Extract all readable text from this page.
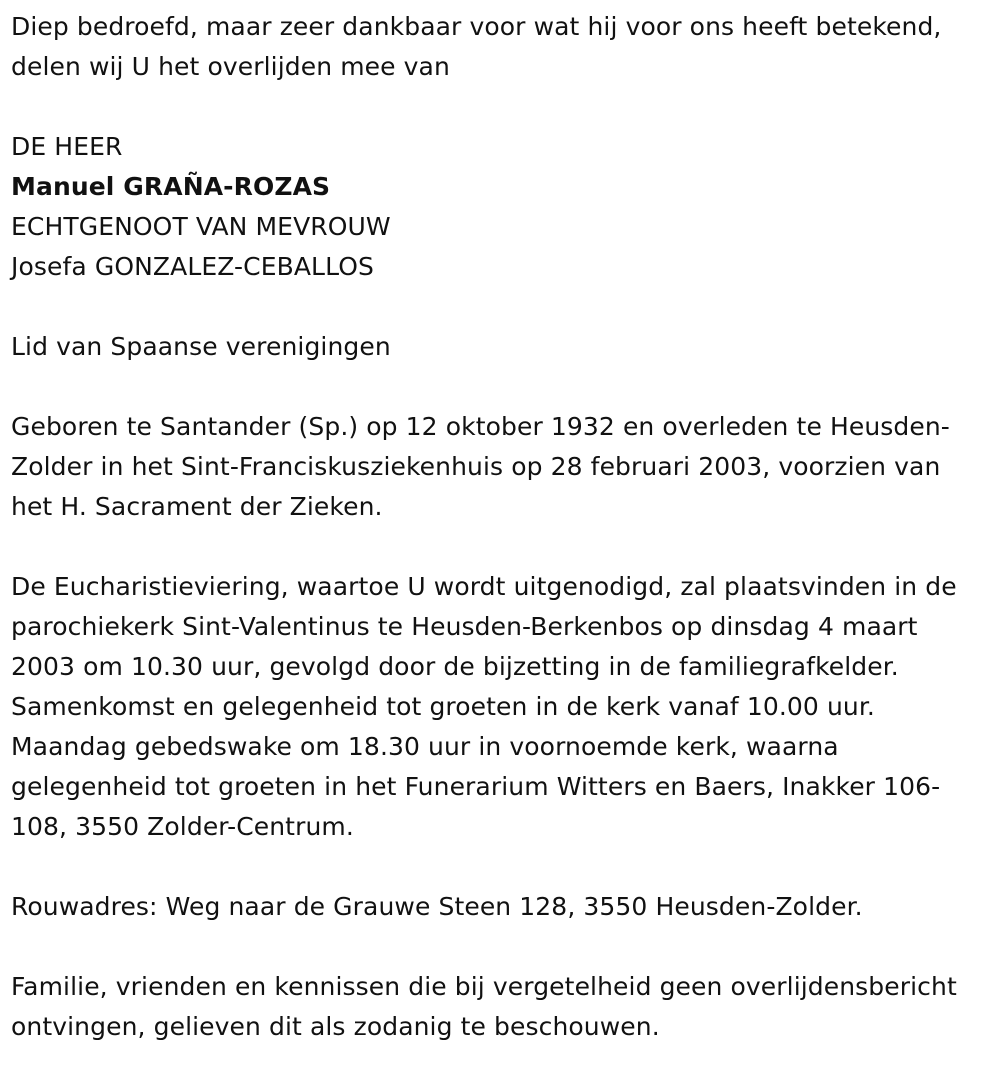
Diep bedroefd, maar zeer dankbaar voor wat hij voor ons heeft betekend, delen wij U het overlijden mee van

DE HEER

Manuel GRAÑA-ROZAS

ECHTGENOOT VAN MEVROUW

Josefa GONZALEZ-CEBALLOS

Lid van Spaanse verenigingen

Geboren te Santander (Sp.) op 12 oktober 1932 en overleden te Heusden-Zolder in het Sint-Franciskusziekenhuis op 28 februari 2003, voorzien van het H. Sacrament der Zieken.

De Eucharistieviering, waartoe U wordt uitgenodigd, zal plaatsvinden in de parochiekerk Sint-Valentinus te Heusden-Berkenbos op dinsdag 4 maart 2003 om 10.30 uur, gevolgd door de bijzetting in de familiegrafkelder. Samenkomst en gelegenheid tot groeten in de kerk vanaf 10.00 uur. Maandag gebedswake om 18.30 uur in voornoemde kerk, waarna gelegenheid tot groeten in het Funerarium Witters en Baers, Inakker 106-108, 3550 Zolder-Centrum.

Rouwadres: Weg naar de Grauwe Steen 128, 3550 Heusden-Zolder.

Familie, vrienden en kennissen die bij vergetelheid geen overlijdensbericht ontvingen, gelieven dit als zodanig te beschouwen.
